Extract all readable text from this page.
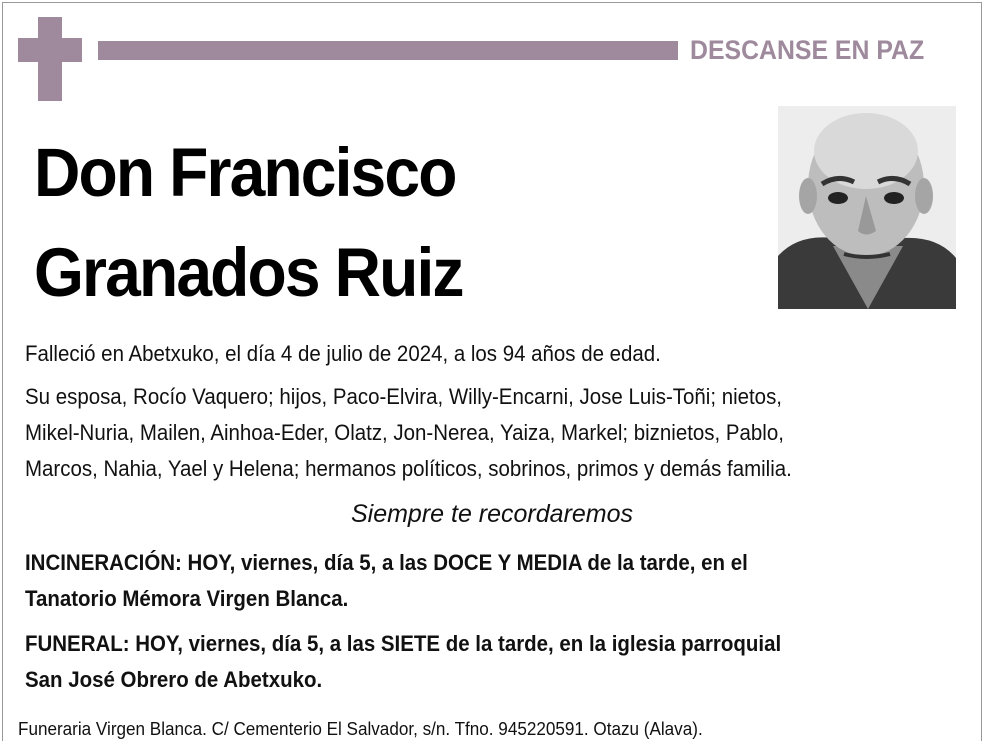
DESCANSE EN PAZ
Don Francisco
Granados Ruiz
Falleció en Abetxuko, el día 4 de julio de 2024, a los 94 años de edad.
Su esposa, Rocío Vaquero; hijos, Paco-Elvira, Willy-Encarni, Jose Luis-Toñi; nietos,
Mikel-Nuria, Mailen, Ainhoa-Eder, Olatz, Jon-Nerea, Yaiza, Markel; biznietos, Pablo,
Marcos, Nahia, Yael y Helena; hermanos políticos, sobrinos, primos y demás familia.
Siempre te recordaremos
INCINERACIÓN: HOY, viernes, día 5, a las DOCE Y MEDIA de la tarde, en el
Tanatorio Mémora Virgen Blanca.
FUNERAL: HOY, viernes, día 5, a las SIETE de la tarde, en la iglesia parroquial
San José Obrero de Abetxuko.
Funeraria Virgen Blanca. C/ Cementerio El Salvador, s/n. Tfno. 945220591. Otazu (Alava).
